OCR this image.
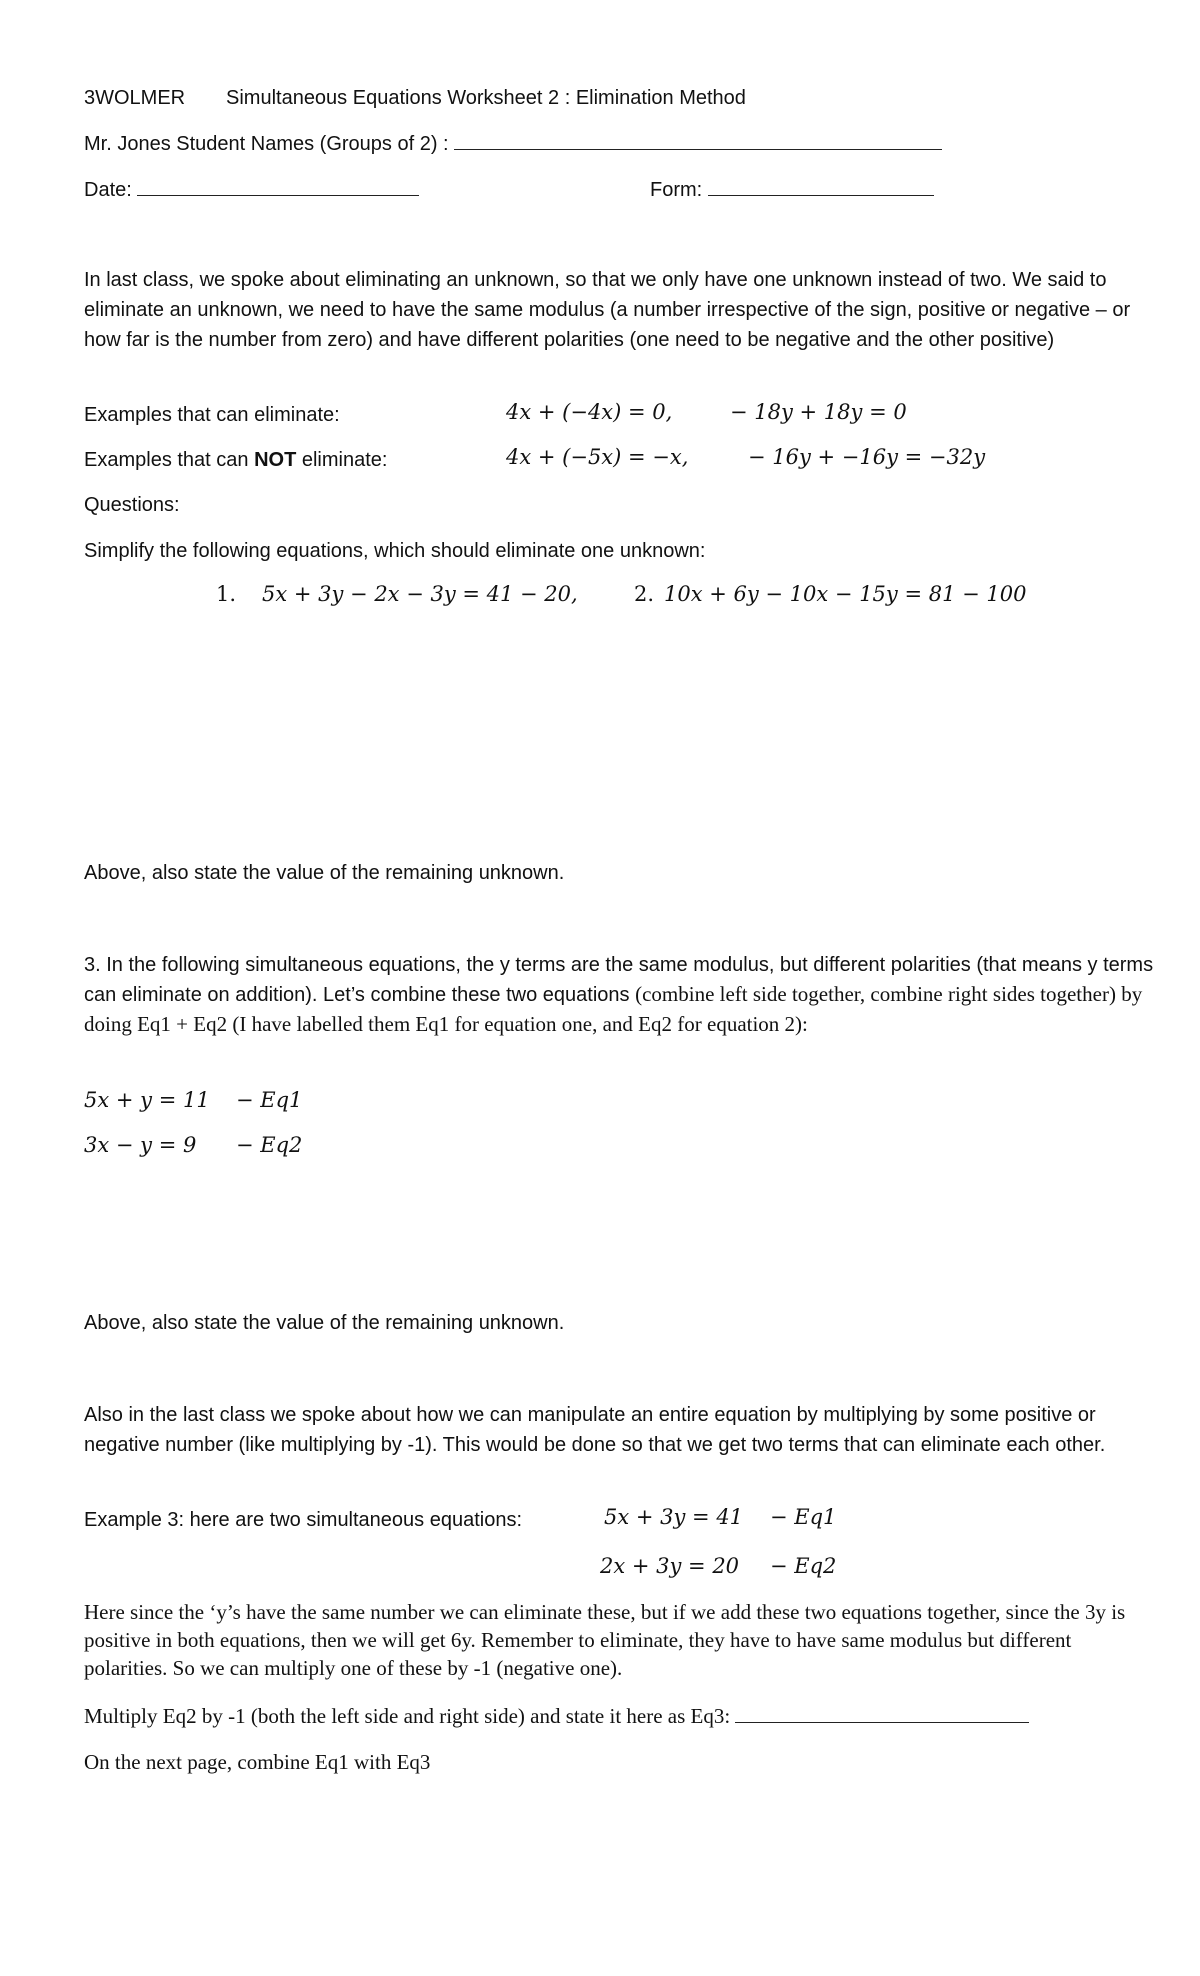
3WOLMER Simultaneous Equations Worksheet 2 : Elimination Method
Mr. Jones Student Names (Groups of 2) :
Date:	Form:
In last class, we spoke about eliminating an unknown, so that we only have one unknown instead of two. We said to eliminate an unknown, we need to have the same modulus (a number irrespective of the sign, positive or negative – or how far is the number from zero) and have different polarities (one need to be negative and the other positive)
Examples that can eliminate:	4x + (−4x) = 0,	− 18y + 18y = 0
Examples that can NOT eliminate:	4x + (−5x) = −x,	− 16y + −16y = −32y
Questions:
Simplify the following equations, which should eliminate one unknown:
1. 5x + 3y − 2x − 3y = 41 − 20,	2. 10x + 6y − 10x − 15y = 81 − 100
Above, also state the value of the remaining unknown.
3. In the following simultaneous equations, the y terms are the same modulus, but different polarities (that means y terms can eliminate on addition). Let’s combine these two equations (combine left side together, combine right sides together) by doing Eq1 + Eq2 (I have labelled them Eq1 for equation one, and Eq2 for equation 2):
5x + y = 11 − Eq1
3x − y = 9 − Eq2
Above, also state the value of the remaining unknown.
Also in the last class we spoke about how we can manipulate an entire equation by multiplying by some positive or negative number (like multiplying by -1). This would be done so that we get two terms that can eliminate each other.
Example 3: here are two simultaneous equations:	5x + 3y = 41 − Eq1
2x + 3y = 20 − Eq2
Here since the ‘y’s have the same number we can eliminate these, but if we add these two equations together, since the 3y is positive in both equations, then we will get 6y. Remember to eliminate, they have to have same modulus but different polarities. So we can multiply one of these by -1 (negative one).
Multiply Eq2 by -1 (both the left side and right side) and state it here as Eq3:
On the next page, combine Eq1 with Eq3
